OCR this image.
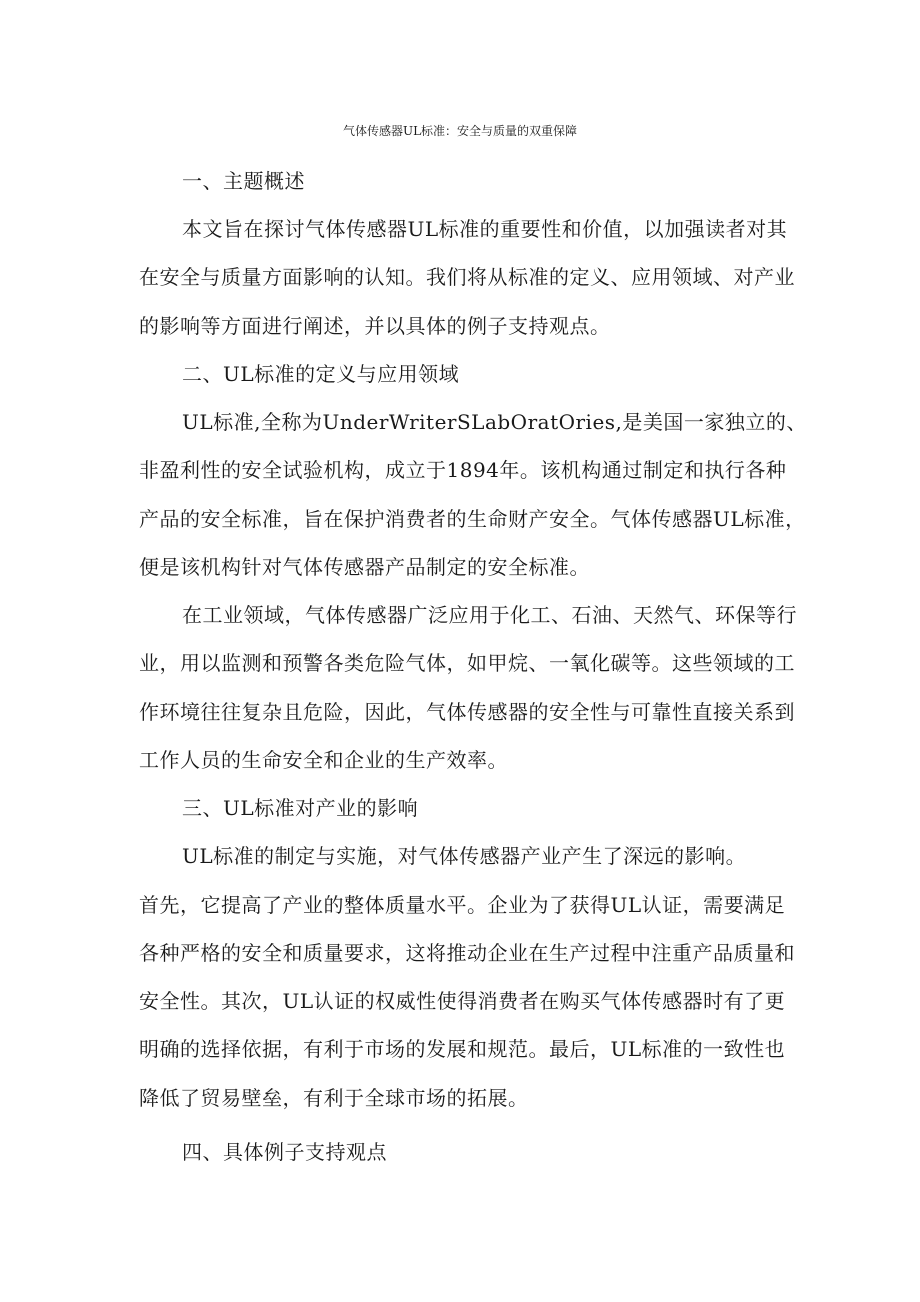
气体传感器UL标准：安全与质量的双重保障
一、主题概述
本文旨在探讨气体传感器UL标准的重要性和价值，以加强读者对其
在安全与质量方面影响的认知。我们将从标准的定义、应用领域、对产业
的影响等方面进行阐述，并以具体的例子支持观点。
二、UL标准的定义与应用领域
UL标准,全称为UnderWriterSLabOratOries,是美国一家独立的、
非盈利性的安全试验机构，成立于1894年。该机构通过制定和执行各种
产品的安全标准，旨在保护消费者的生命财产安全。气体传感器UL标准，
便是该机构针对气体传感器产品制定的安全标准。
在工业领域，气体传感器广泛应用于化工、石油、天然气、环保等行
业，用以监测和预警各类危险气体，如甲烷、一氧化碳等。这些领域的工
作环境往往复杂且危险，因此，气体传感器的安全性与可靠性直接关系到
工作人员的生命安全和企业的生产效率。
三、UL标准对产业的影响
UL标准的制定与实施，对气体传感器产业产生了深远的影响。
首先，它提高了产业的整体质量水平。企业为了获得UL认证，需要满足
各种严格的安全和质量要求，这将推动企业在生产过程中注重产品质量和
安全性。其次，UL认证的权威性使得消费者在购买气体传感器时有了更
明确的选择依据，有利于市场的发展和规范。最后，UL标准的一致性也
降低了贸易壁垒，有利于全球市场的拓展。
四、具体例子支持观点
